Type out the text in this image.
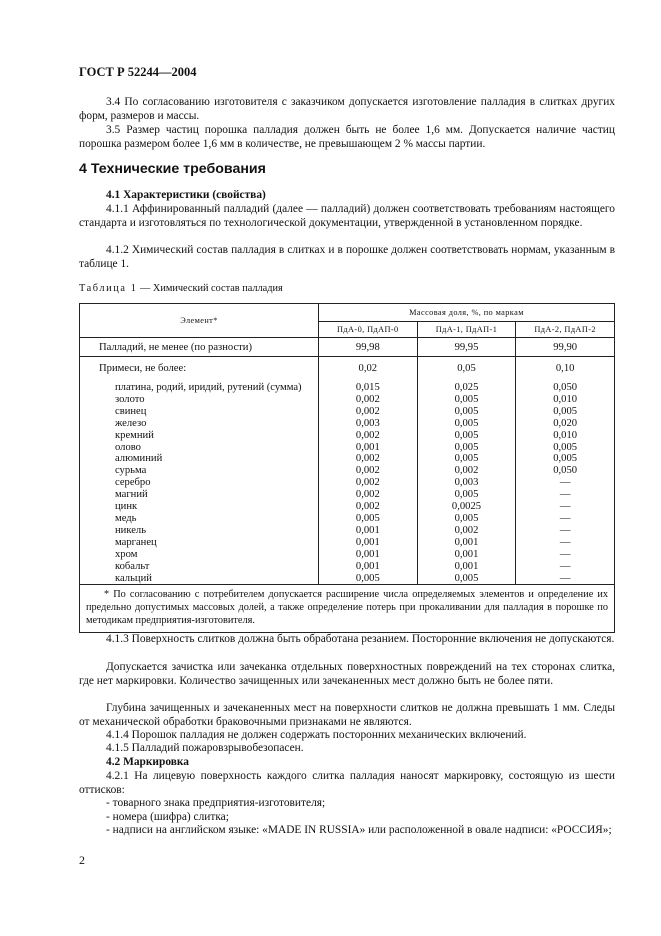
ГОСТ Р 52244—2004

3.4 По согласованию изготовителя с заказчиком допускается изготовление палладия в слитках других форм, размеров и массы.

3.5 Размер частиц порошка палладия должен быть не более 1,6 мм. Допускается наличие частиц порошка размером более 1,6 мм в количестве, не превышающем 2 % массы партии.

4 Технические требования
4.1 Характеристики (свойства)

4.1.1 Аффинированный палладий (далее — палладий) должен соответствовать требованиям настоящего стандарта и изготовляться по технологической документации, утвержденной в установленном порядке.

4.1.2 Химический состав палладия в слитках и в порошке должен соответствовать нормам, указанным в таблице 1.

Таблица 1 — Химический состав палладия
Элемент*	Массовая доля, %, по маркам		
	ПдА-0, ПдАП-0	ПдА-1, ПдАП-1	ПдА-2, ПдАП-2
Палладий, не менее (по разности)	99,98	99,95	99,90
Примеси, не более:	0,02	0,05	0,10
платина, родий, иридий, рутений (сумма)	0,015	0,025	0,050
золото	0,002	0,005	0,010
свинец	0,002	0,005	0,005
железо	0,003	0,005	0,020
кремний	0,002	0,005	0,010
олово	0,001	0,005	0,005
алюминий	0,002	0,005	0,005
сурьма	0,002	0,002	0,050
серебро	0,002	0,003	—
магний	0,002	0,005	—
цинк	0,002	0,0025	—
медь	0,005	0,005	—
никель	0,001	0,002	—
марганец	0,001	0,001	—
хром	0,001	0,001	—
кобальт	0,001	0,001	—
кальций	0,005	0,005	—

* По согласованию с потребителем допускается расширение числа определяемых элементов и определение их предельно допустимых массовых долей, а также определение потерь при прокаливании для палладия в порошке по методикам предприятия-изготовителя.			

4.1.3 Поверхность слитков должна быть обработана резанием. Посторонние включения не допускаются.

Допускается зачистка или зачеканка отдельных поверхностных повреждений на тех сторонах слитка, где нет маркировки. Количество зачищенных или зачеканенных мест должно быть не более пяти.

Глубина зачищенных и зачеканенных мест на поверхности слитков не должна превышать 1 мм. Следы от механической обработки браковочными признаками не являются.

4.1.4 Порошок палладия не должен содержать посторонних механических включений.

4.1.5 Палладий пожаровзрывобезопасен.

4.2 Маркировка

4.2.1 На лицевую поверхность каждого слитка палладия наносят маркировку, состоящую из шести оттисков:

- товарного знака предприятия-изготовителя;

- номера (шифра) слитка;

- надписи на английском языке: «MADE IN RUSSIA» или расположенной в овале надписи: «РОССИЯ»;

2
